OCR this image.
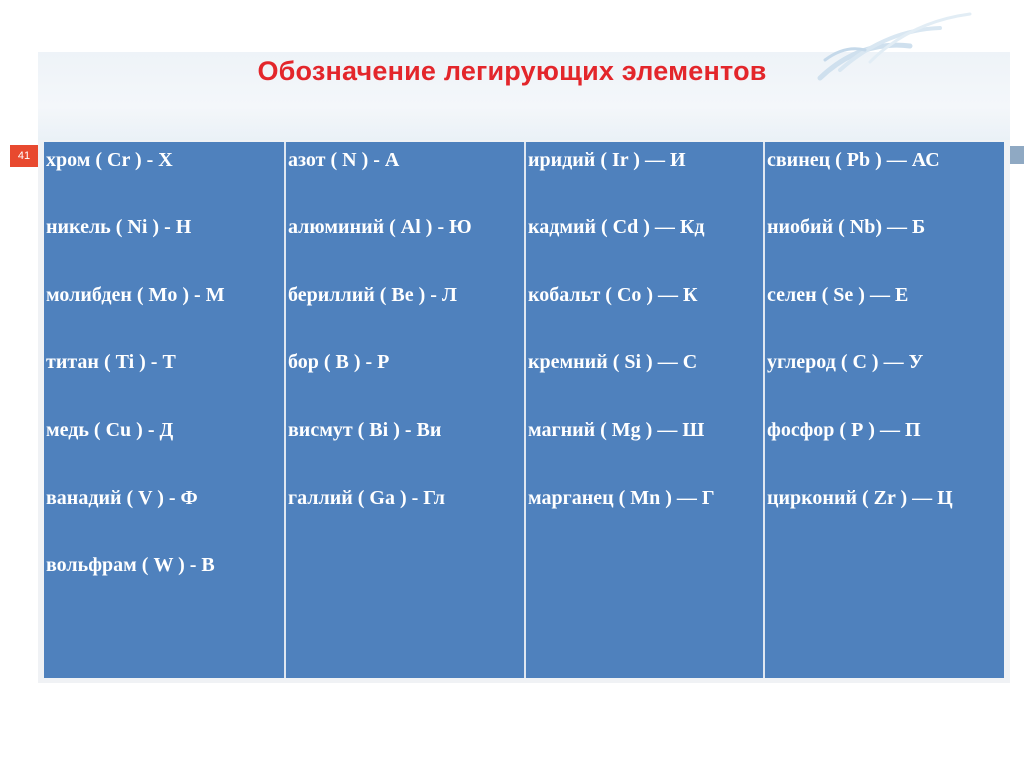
Обозначение легирующих элементов
41 хром ( Cr ) - Х
никель ( Ni ) - Н
молибден ( Mo ) - М
титан ( Ti ) - Т
медь ( Cu ) - Д
ванадий ( V ) - Ф
вольфрам ( W ) - В
азот ( N ) - А
алюминий ( Al ) - Ю
бериллий ( Be ) - Л
бор ( В ) - Р
висмут ( Bi ) - Ви
галлий ( Ga ) - Гл
иридий ( Ir ) — И
кадмий ( Cd ) — Кд
кобальт ( Co ) — К
кремний ( Si ) — С
магний ( Mg ) — Ш
марганец ( Mn ) — Г
свинец ( Pb ) — АС
ниобий ( Nb) — Б
селен ( Se ) — Е
углерод ( С ) — У
фосфор ( Р ) — П
цирконий ( Zr ) — Ц
